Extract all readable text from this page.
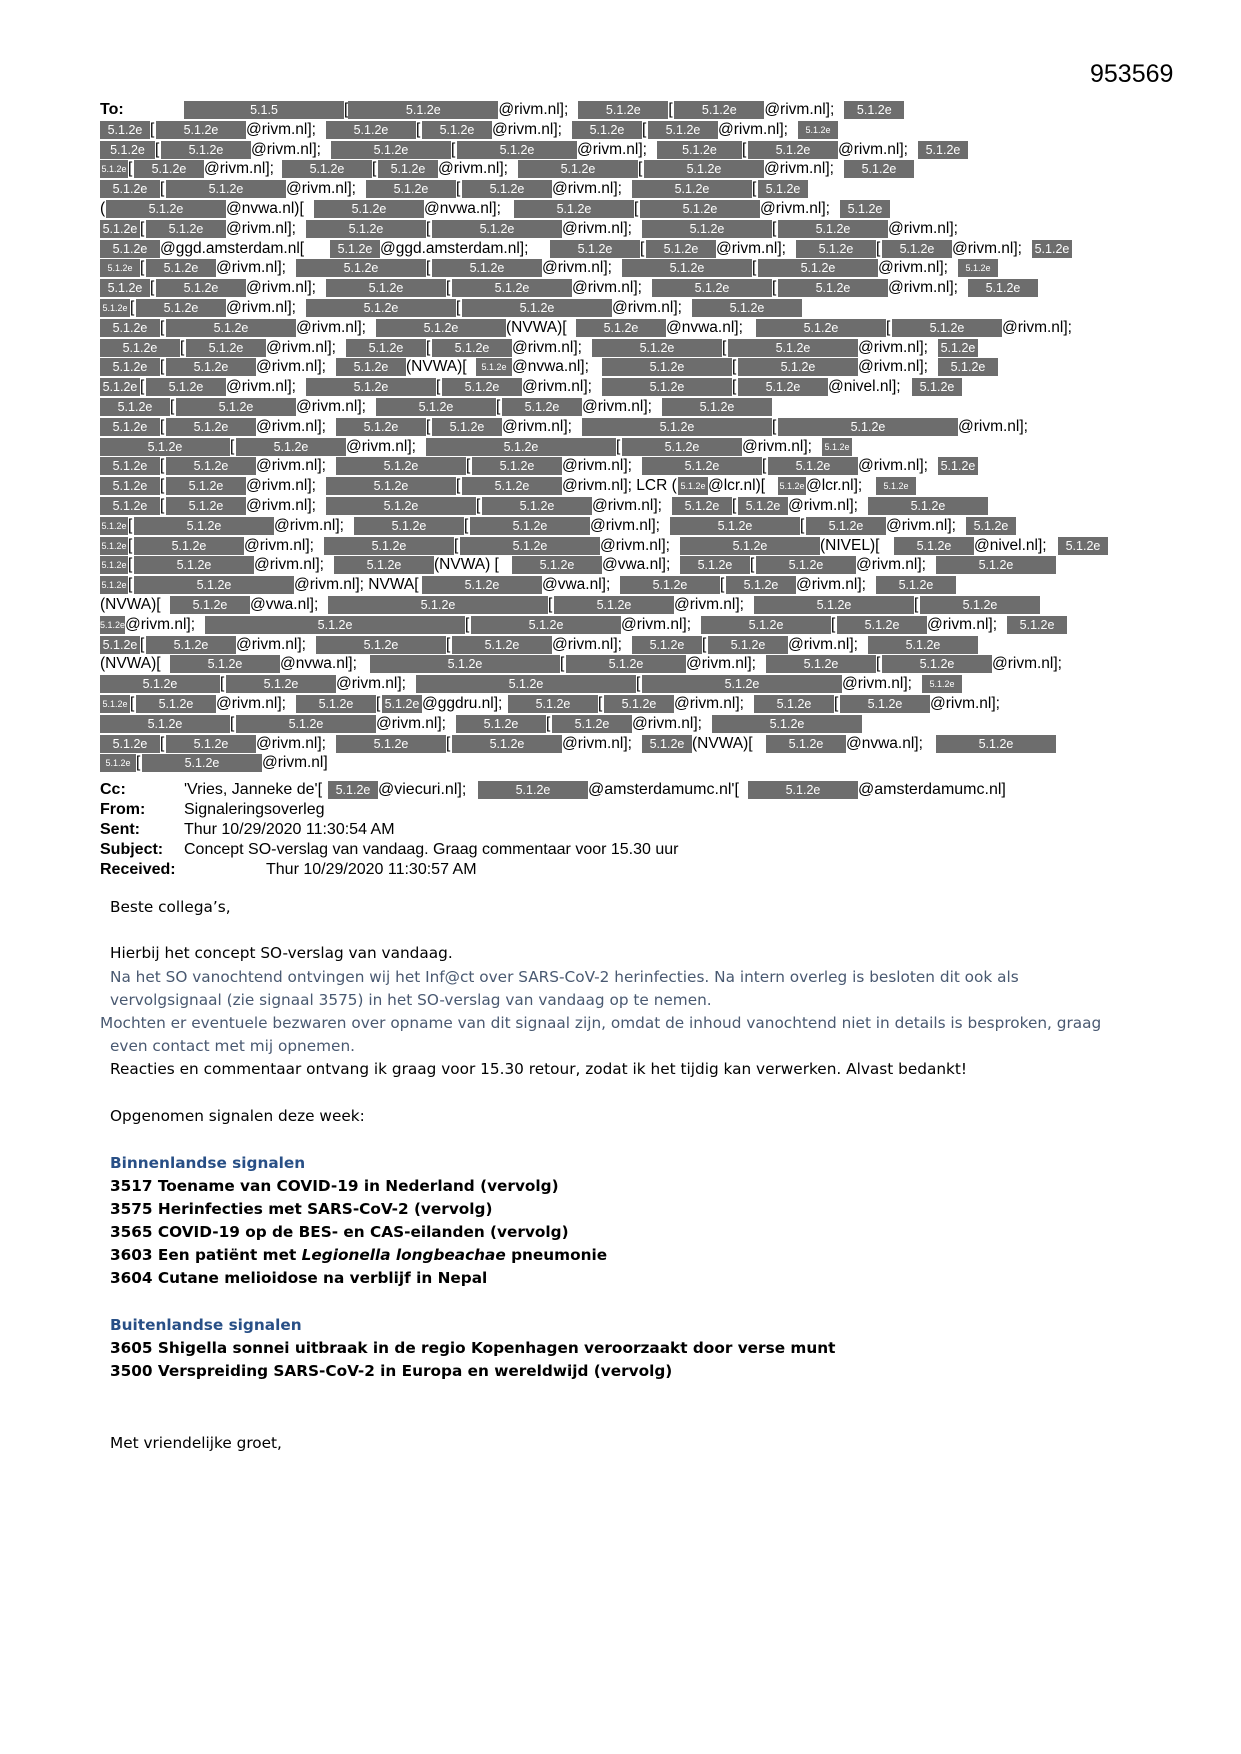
953569
To:	5.1.5	[	5.1.2e	@rivm.nl];	5.1.2e [ 5.1.2e @rivm.nl]; 5.1.2e
5.1.2e [ 5.1.2e @rivm.nl];	5.1.2e [ 5.1.2e @rivm.nl]; 5.1.2e [ 5.1.2e @rivm.nl]; 5.1.2e
5.1.2e [ 5.1.2e @rivm.nl];	5.1.2e	[	5.1.2e	@rivm.nl];	5.1.2e [ 5.1.2e @rivm.nl]; 5.1.2e
5.1.2e[ 5.1.2e @rivm.nl];	5.1.2e [ 5.1.2e @rivm.nl];	5.1.2e	[	5.1.2e	@rivm.nl]; 5.1.2e
5.1.2e [	5.1.2e	@rivm.nl];	5.1.2e [ 5.1.2e @rivm.nl];	5.1.2e	[ 5.1.2e
(	5.1.2e	@nvwa.nl)[	5.1.2e @nvwa.nl];	5.1.2e	[	5.1.2e	@rivm.nl]; 5.1.2e
5.1.2e [ 5.1.2e @rivm.nl];	5.1.2e	[	5.1.2e	@rivm.nl];	5.1.2e	[	5.1.2e @rivm.nl];
5.1.2e @ggd.amsterdam.nl[	5.1.2e @ggd.amsterdam.nl];	5.1.2e [ 5.1.2e @rivm.nl];	5.1.2e [ 5.1.2e @rivm.nl]; 5.1.2e
5.1.2e [ 5.1.2e @rivm.nl];	5.1.2e	[	5.1.2e @rivm.nl];	5.1.2e	[	5.1.2e	@rivm.nl]; 5.1.2e
5.1.2e [ 5.1.2e @rivm.nl];	5.1.2e	[	5.1.2e	@rivm.nl];	5.1.2e	[	5.1.2e @rivm.nl]; 5.1.2e
5.1.2e [ 5.1.2e @rivm.nl];	5.1.2e	[	5.1.2e	@rivm.nl];	5.1.2e
5.1.2e [	5.1.2e	@rivm.nl];	5.1.2e	(NVWA)[	5.1.2e @nvwa.nl];	5.1.2e	[	5.1.2e @rivm.nl];
5.1.2e [ 5.1.2e @rivm.nl];	5.1.2e [ 5.1.2e @rivm.nl];	5.1.2e	[	5.1.2e	@rivm.nl]; 5.1.2e
5.1.2e [ 5.1.2e @rivm.nl]; 5.1.2e (NVWA)[ 5.1.2e @nvwa.nl];	5.1.2e	[	5.1.2e	@rivm.nl]; 5.1.2e
5.1.2e [ 5.1.2e @rivm.nl];	5.1.2e	[ 5.1.2e @rivm.nl];	5.1.2e	[ 5.1.2e @nivel.nl]; 5.1.2e
5.1.2e [	5.1.2e	@rivm.nl];	5.1.2e	[ 5.1.2e @rivm.nl];	5.1.2e
5.1.2e [ 5.1.2e @rivm.nl];	5.1.2e [ 5.1.2e @rivm.nl];	5.1.2e	[	5.1.2e	@rivm.nl];
5.1.2e	[	5.1.2e @rivm.nl];	5.1.2e	[	5.1.2e	@rivm.nl]; 5.1.2e
5.1.2e [ 5.1.2e @rivm.nl];	5.1.2e	[ 5.1.2e @rivm.nl];	5.1.2e	[ 5.1.2e @rivm.nl]; 5.1.2e
5.1.2e [ 5.1.2e @rivm.nl];	5.1.2e	[	5.1.2e @rivm.nl]; LCR ( 5.1.2e @lcr.nl)[ 5.1.2e@lcr.nl]; 5.1.2e
5.1.2e [ 5.1.2e @rivm.nl];	5.1.2e	[	5.1.2e @rivm.nl]; 5.1.2e [ 5.1.2e @rivm.nl];	5.1.2e
5.1.2e[	5.1.2e	@rivm.nl];	5.1.2e [	5.1.2e	@rivm.nl];	5.1.2e	[ 5.1.2e @rivm.nl]; 5.1.2e
5.1.2e[	5.1.2e @rivm.nl];	5.1.2e	[	5.1.2e	@rivm.nl];	5.1.2e	(NIVEL)[	5.1.2e @nivel.nl]; 5.1.2e
5.1.2e[	5.1.2e	@rivm.nl];	5.1.2e (NVWA) [	5.1.2e @vwa.nl]; 5.1.2e [	5.1.2e @rivm.nl];	5.1.2e
5.1.2e[	5.1.2e	@rivm.nl]; NVWA[	5.1.2e	@vwa.nl];	5.1.2e [ 5.1.2e @rivm.nl];	5.1.2e
(NVWA)[	5.1.2e @vwa.nl];	5.1.2e	[	5.1.2e	@rivm.nl];	5.1.2e	[	5.1.2e
5.1.2e@rivm.nl];	5.1.2e	[	5.1.2e	@rivm.nl];	5.1.2e	[ 5.1.2e @rivm.nl]; 5.1.2e
5.1.2e [ 5.1.2e @rivm.nl];	5.1.2e	[	5.1.2e @rivm.nl]; 5.1.2e [ 5.1.2e @rivm.nl];	5.1.2e
(NVWA)[	5.1.2e @nvwa.nl];	5.1.2e	[	5.1.2e	@rivm.nl];	5.1.2e [	5.1.2e @rivm.nl];
5.1.2e	[	5.1.2e @rivm.nl];	5.1.2e	[	5.1.2e	@rivm.nl]; 5.1.2e
5.1.2e [ 5.1.2e @rivm.nl];	5.1.2e [ 5.1.2e @ggdru.nl];	5.1.2e [ 5.1.2e @rivm.nl];	5.1.2e [ 5.1.2e @rivm.nl];
5.1.2e	[	5.1.2e	@rivm.nl];	5.1.2e [ 5.1.2e @rivm.nl];	5.1.2e
5.1.2e [ 5.1.2e @rivm.nl];	5.1.2e [	5.1.2e @rivm.nl]; 5.1.2e (NVWA)[	5.1.2e @nvwa.nl];	5.1.2e
5.1.2e [	5.1.2e	@rivm.nl]
Cc:	'Vries, Janneke de'[ 5.1.2e @viecuri.nl];	5.1.2e @amsterdamumc.nl'[	5.1.2e @amsterdamumc.nl]
From: Signaleringsoverleg
Sent:	Thur 10/29/2020 11:30:54 AM
Subject: Concept SO-verslag van vandaag. Graag commentaar voor 15.30 uur
Received:	Thur 10/29/2020 11:30:57 AM

Beste collega’s,

Hierbij het concept SO-verslag van vandaag.

Na het SO vanochtend ontvingen wij het Inf@ct over SARS-CoV-2 herinfecties. Na intern overleg is besloten dit ook als

vervolgsignaal (zie signaal 3575) in het SO-verslag van vandaag op te nemen.

Mochten er eventuele bezwaren over opname van dit signaal zijn, omdat de inhoud vanochtend niet in details is besproken, graag

even contact met mij opnemen.

Reacties en commentaar ontvang ik graag voor 15.30 retour, zodat ik het tijdig kan verwerken. Alvast bedankt!

Opgenomen signalen deze week:

Binnenlandse signalen

3517 Toename van COVID-19 in Nederland (vervolg)

3575 Herinfecties met SARS-CoV-2 (vervolg)

3565 COVID-19 op de BES- en CAS-eilanden (vervolg)

3603 Een patiënt met Legionella longbeachae pneumonie

3604 Cutane melioidose na verblijf in Nepal

Buitenlandse signalen

3605 Shigella sonnei uitbraak in de regio Kopenhagen veroorzaakt door verse munt

3500 Verspreiding SARS-CoV-2 in Europa en wereldwijd (vervolg)

Met vriendelijke groet,
